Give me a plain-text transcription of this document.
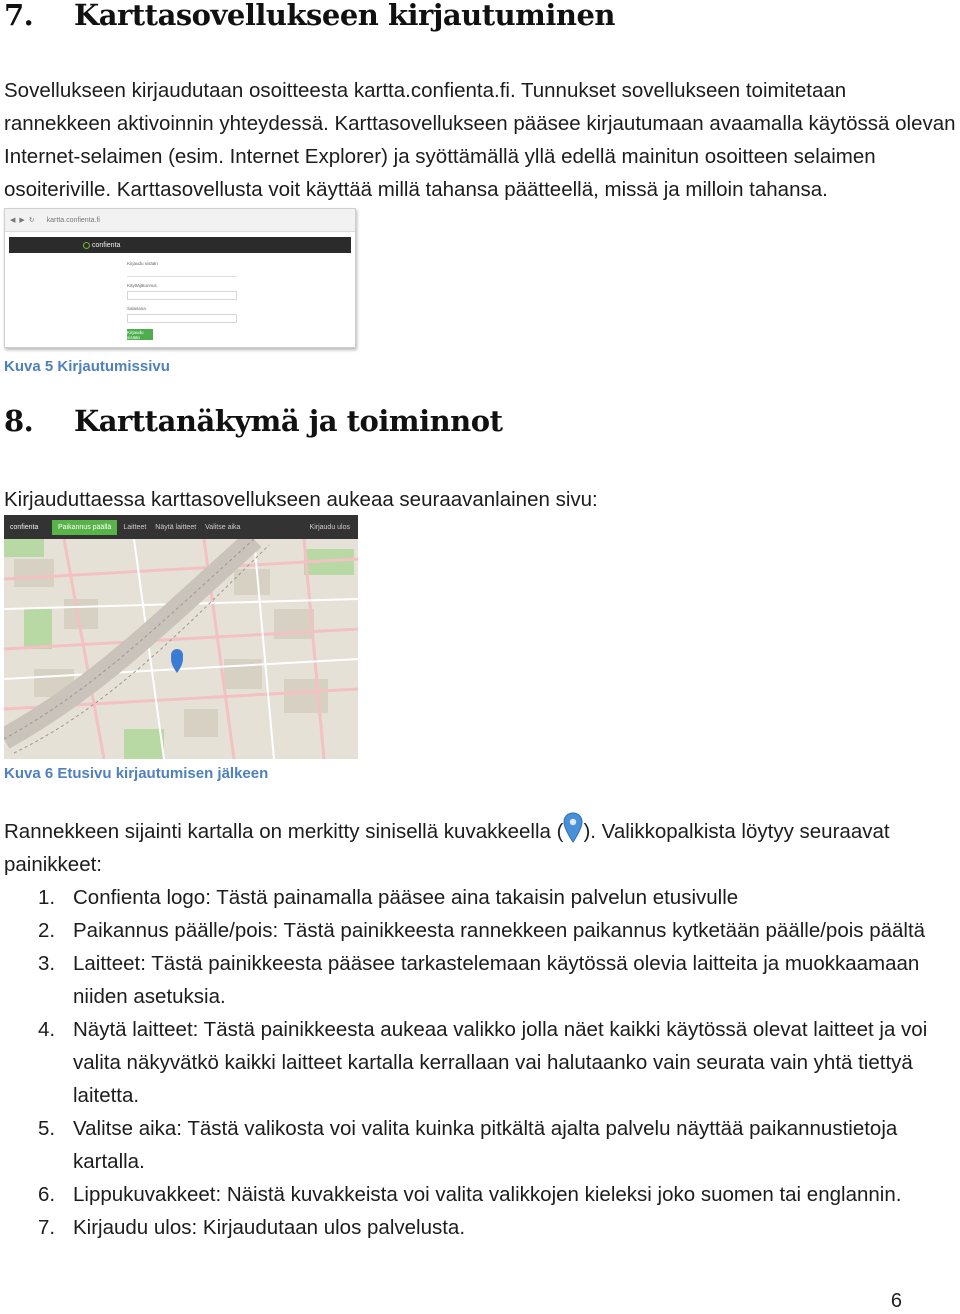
7. Karttasovellukseen kirjautuminen

Sovellukseen kirjaudutaan osoitteesta kartta.confienta.fi. Tunnukset sovellukseen toimitetaan rannekkeen aktivoinnin yhteydessä. Karttasovellukseen pääsee kirjautumaan avaamalla käytössä olevan Internet-selaimen (esim. Internet Explorer) ja syöttämällä yllä edellä mainitun osoitteen selaimen osoiteriville. Karttasovellusta voit käyttää millä tahansa päätteellä, missä ja milloin tahansa.

◀ ▶ ↻ kartta.confienta.fi
confienta
Kirjaudu sisään
Käyttäjätunnus
Salasana
Kirjaudu sisään

Kuva 5 Kirjautumissivu

8. Karttanäkymä ja toiminnot

Kirjauduttaessa karttasovellukseen aukeaa seuraavanlainen sivu:

confienta	Paikannus päällä	Laitteet Näytä laitteet Valitse aika	Kirjaudu ulos

Kuva 6 Etusivu kirjautumisen jälkeen

Rannekkeen sijainti kartalla on merkitty sinisellä kuvakkeella ( ). Valikkopalkista löytyy seuraavat painikkeet:

1. Confienta logo: Tästä painamalla pääsee aina takaisin palvelun etusivulle
2. Paikannus päälle/pois: Tästä painikkeesta rannekkeen paikannus kytketään päälle/pois päältä
3. Laitteet: Tästä painikkeesta pääsee tarkastelemaan käytössä olevia laitteita ja muokkaamaan niiden asetuksia.
4. Näytä laitteet: Tästä painikkeesta aukeaa valikko jolla näet kaikki käytössä olevat laitteet ja voi valita näkyvätkö kaikki laitteet kartalla kerrallaan vai halutaanko vain seurata vain yhtä tiettyä laitetta.
5. Valitse aika: Tästä valikosta voi valita kuinka pitkältä ajalta palvelu näyttää paikannustietoja kartalla.
6. Lippukuvakkeet: Näistä kuvakkeista voi valita valikkojen kieleksi joko suomen tai englannin.
7. Kirjaudu ulos: Kirjaudutaan ulos palvelusta.
6
